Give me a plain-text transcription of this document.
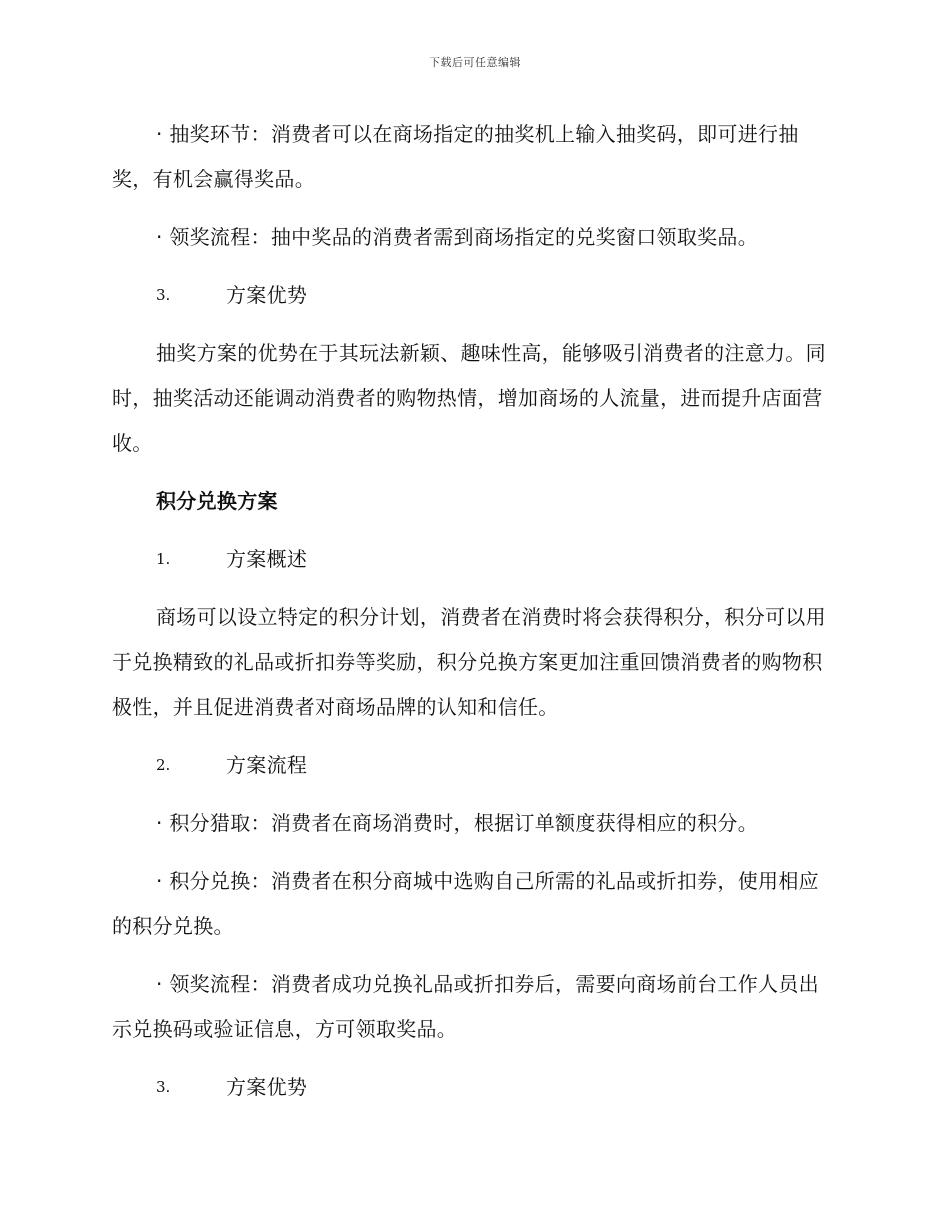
下载后可任意编辑

· 抽奖环节：消费者可以在商场指定的抽奖机上输入抽奖码，即可进行抽奖，有机会赢得奖品。

· 领奖流程：抽中奖品的消费者需到商场指定的兑奖窗口领取奖品。

3.	方案优势

抽奖方案的优势在于其玩法新颖、趣味性高，能够吸引消费者的注意力。同时，抽奖活动还能调动消费者的购物热情，增加商场的人流量，进而提升店面营收。

积分兑换方案
1.	方案概述

商场可以设立特定的积分计划，消费者在消费时将会获得积分，积分可以用于兑换精致的礼品或折扣券等奖励，积分兑换方案更加注重回馈消费者的购物积极性，并且促进消费者对商场品牌的认知和信任。

2.	方案流程

· 积分猎取：消费者在商场消费时，根据订单额度获得相应的积分。

· 积分兑换：消费者在积分商城中选购自己所需的礼品或折扣券，使用相应的积分兑换。

· 领奖流程：消费者成功兑换礼品或折扣券后，需要向商场前台工作人员出示兑换码或验证信息，方可领取奖品。

3.	方案优势
